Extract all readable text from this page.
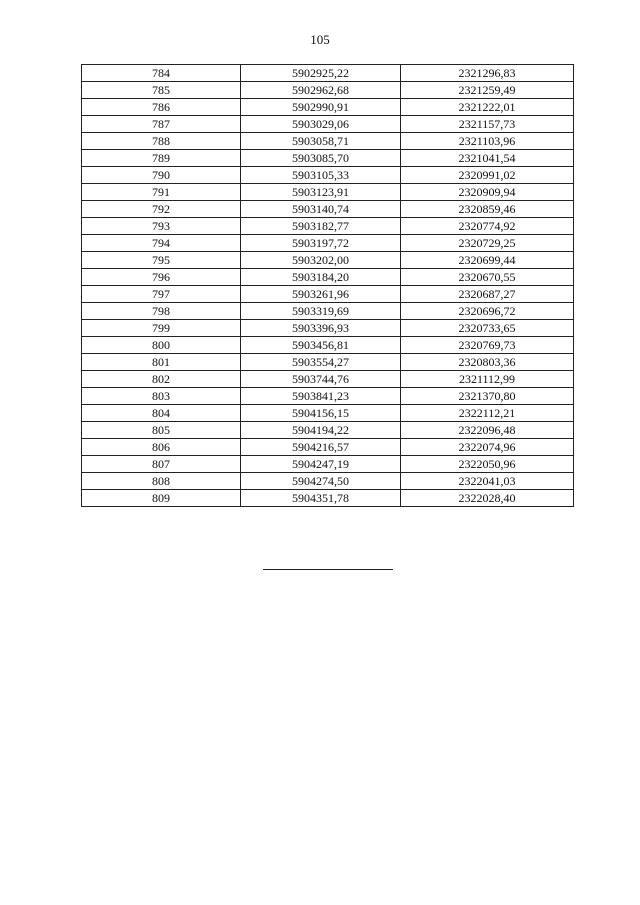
105
784	5902925,22	2321296,83
785	5902962,68	2321259,49
786	5902990,91	2321222,01
787	5903029,06	2321157,73
788	5903058,71	2321103,96
789	5903085,70	2321041,54
790	5903105,33	2320991,02
791	5903123,91	2320909,94
792	5903140,74	2320859,46
793	5903182,77	2320774,92
794	5903197,72	2320729,25
795	5903202,00	2320699,44
796	5903184,20	2320670,55
797	5903261,96	2320687,27
798	5903319,69	2320696,72
799	5903396,93	2320733,65
800	5903456,81	2320769,73
801	5903554,27	2320803,36
802	5903744,76	2321112,99
803	5903841,23	2321370,80
804	5904156,15	2322112,21
805	5904194,22	2322096,48
806	5904216,57	2322074,96
807	5904247,19	2322050,96
808	5904274,50	2322041,03
809	5904351,78	2322028,40
